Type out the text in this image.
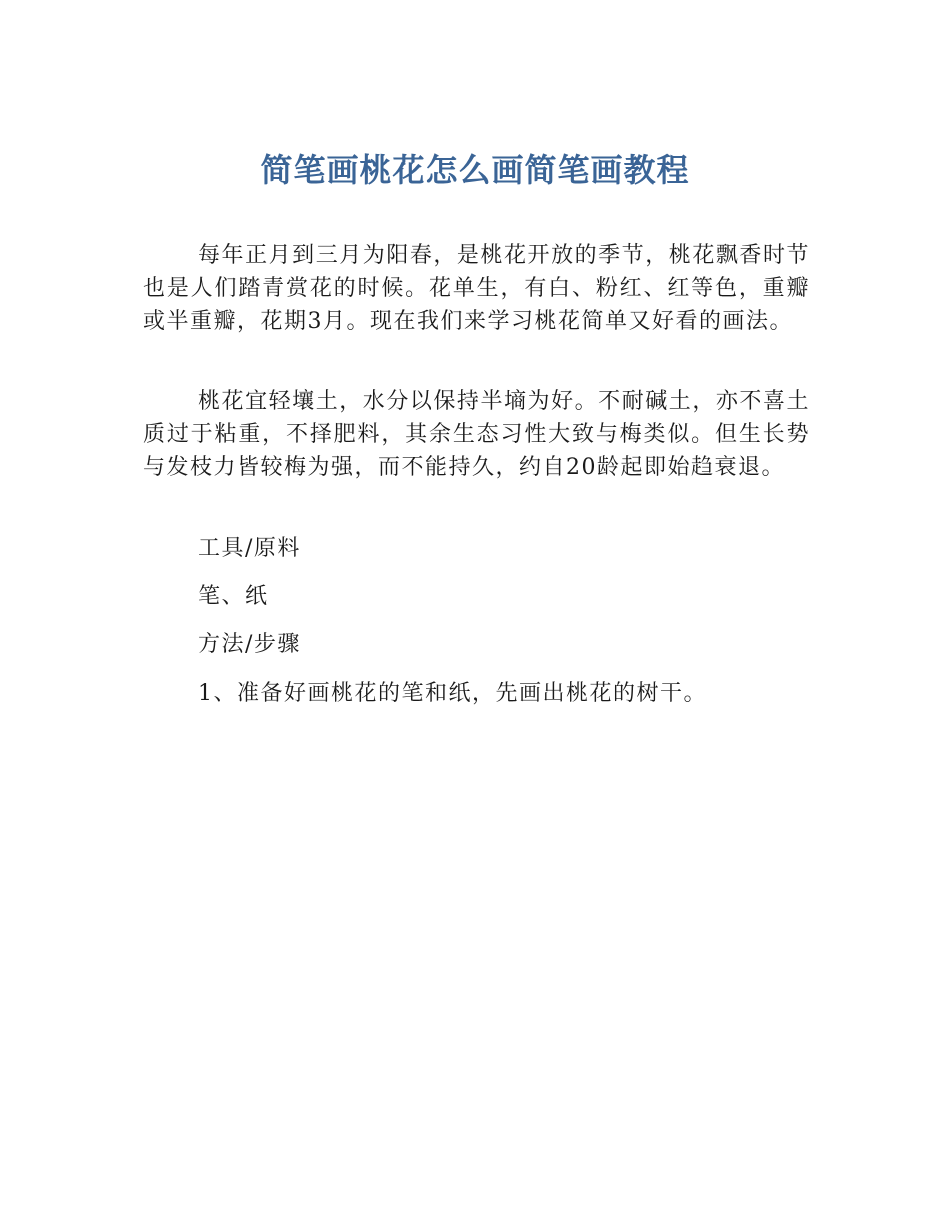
简笔画桃花怎么画简笔画教程

每年正月到三月为阳春，是桃花开放的季节，桃花飘香时节也是人们踏青赏花的时候。花单生，有白、粉红、红等色，重瓣或半重瓣，花期3月。现在我们来学习桃花简单又好看的画法。

桃花宜轻壤土，水分以保持半墒为好。不耐碱土，亦不喜土质过于粘重，不择肥料，其余生态习性大致与梅类似。但生长势与发枝力皆较梅为强，而不能持久，约自20龄起即始趋衰退。

工具/原料
笔、纸
方法/步骤
1、准备好画桃花的笔和纸，先画出桃花的树干。
